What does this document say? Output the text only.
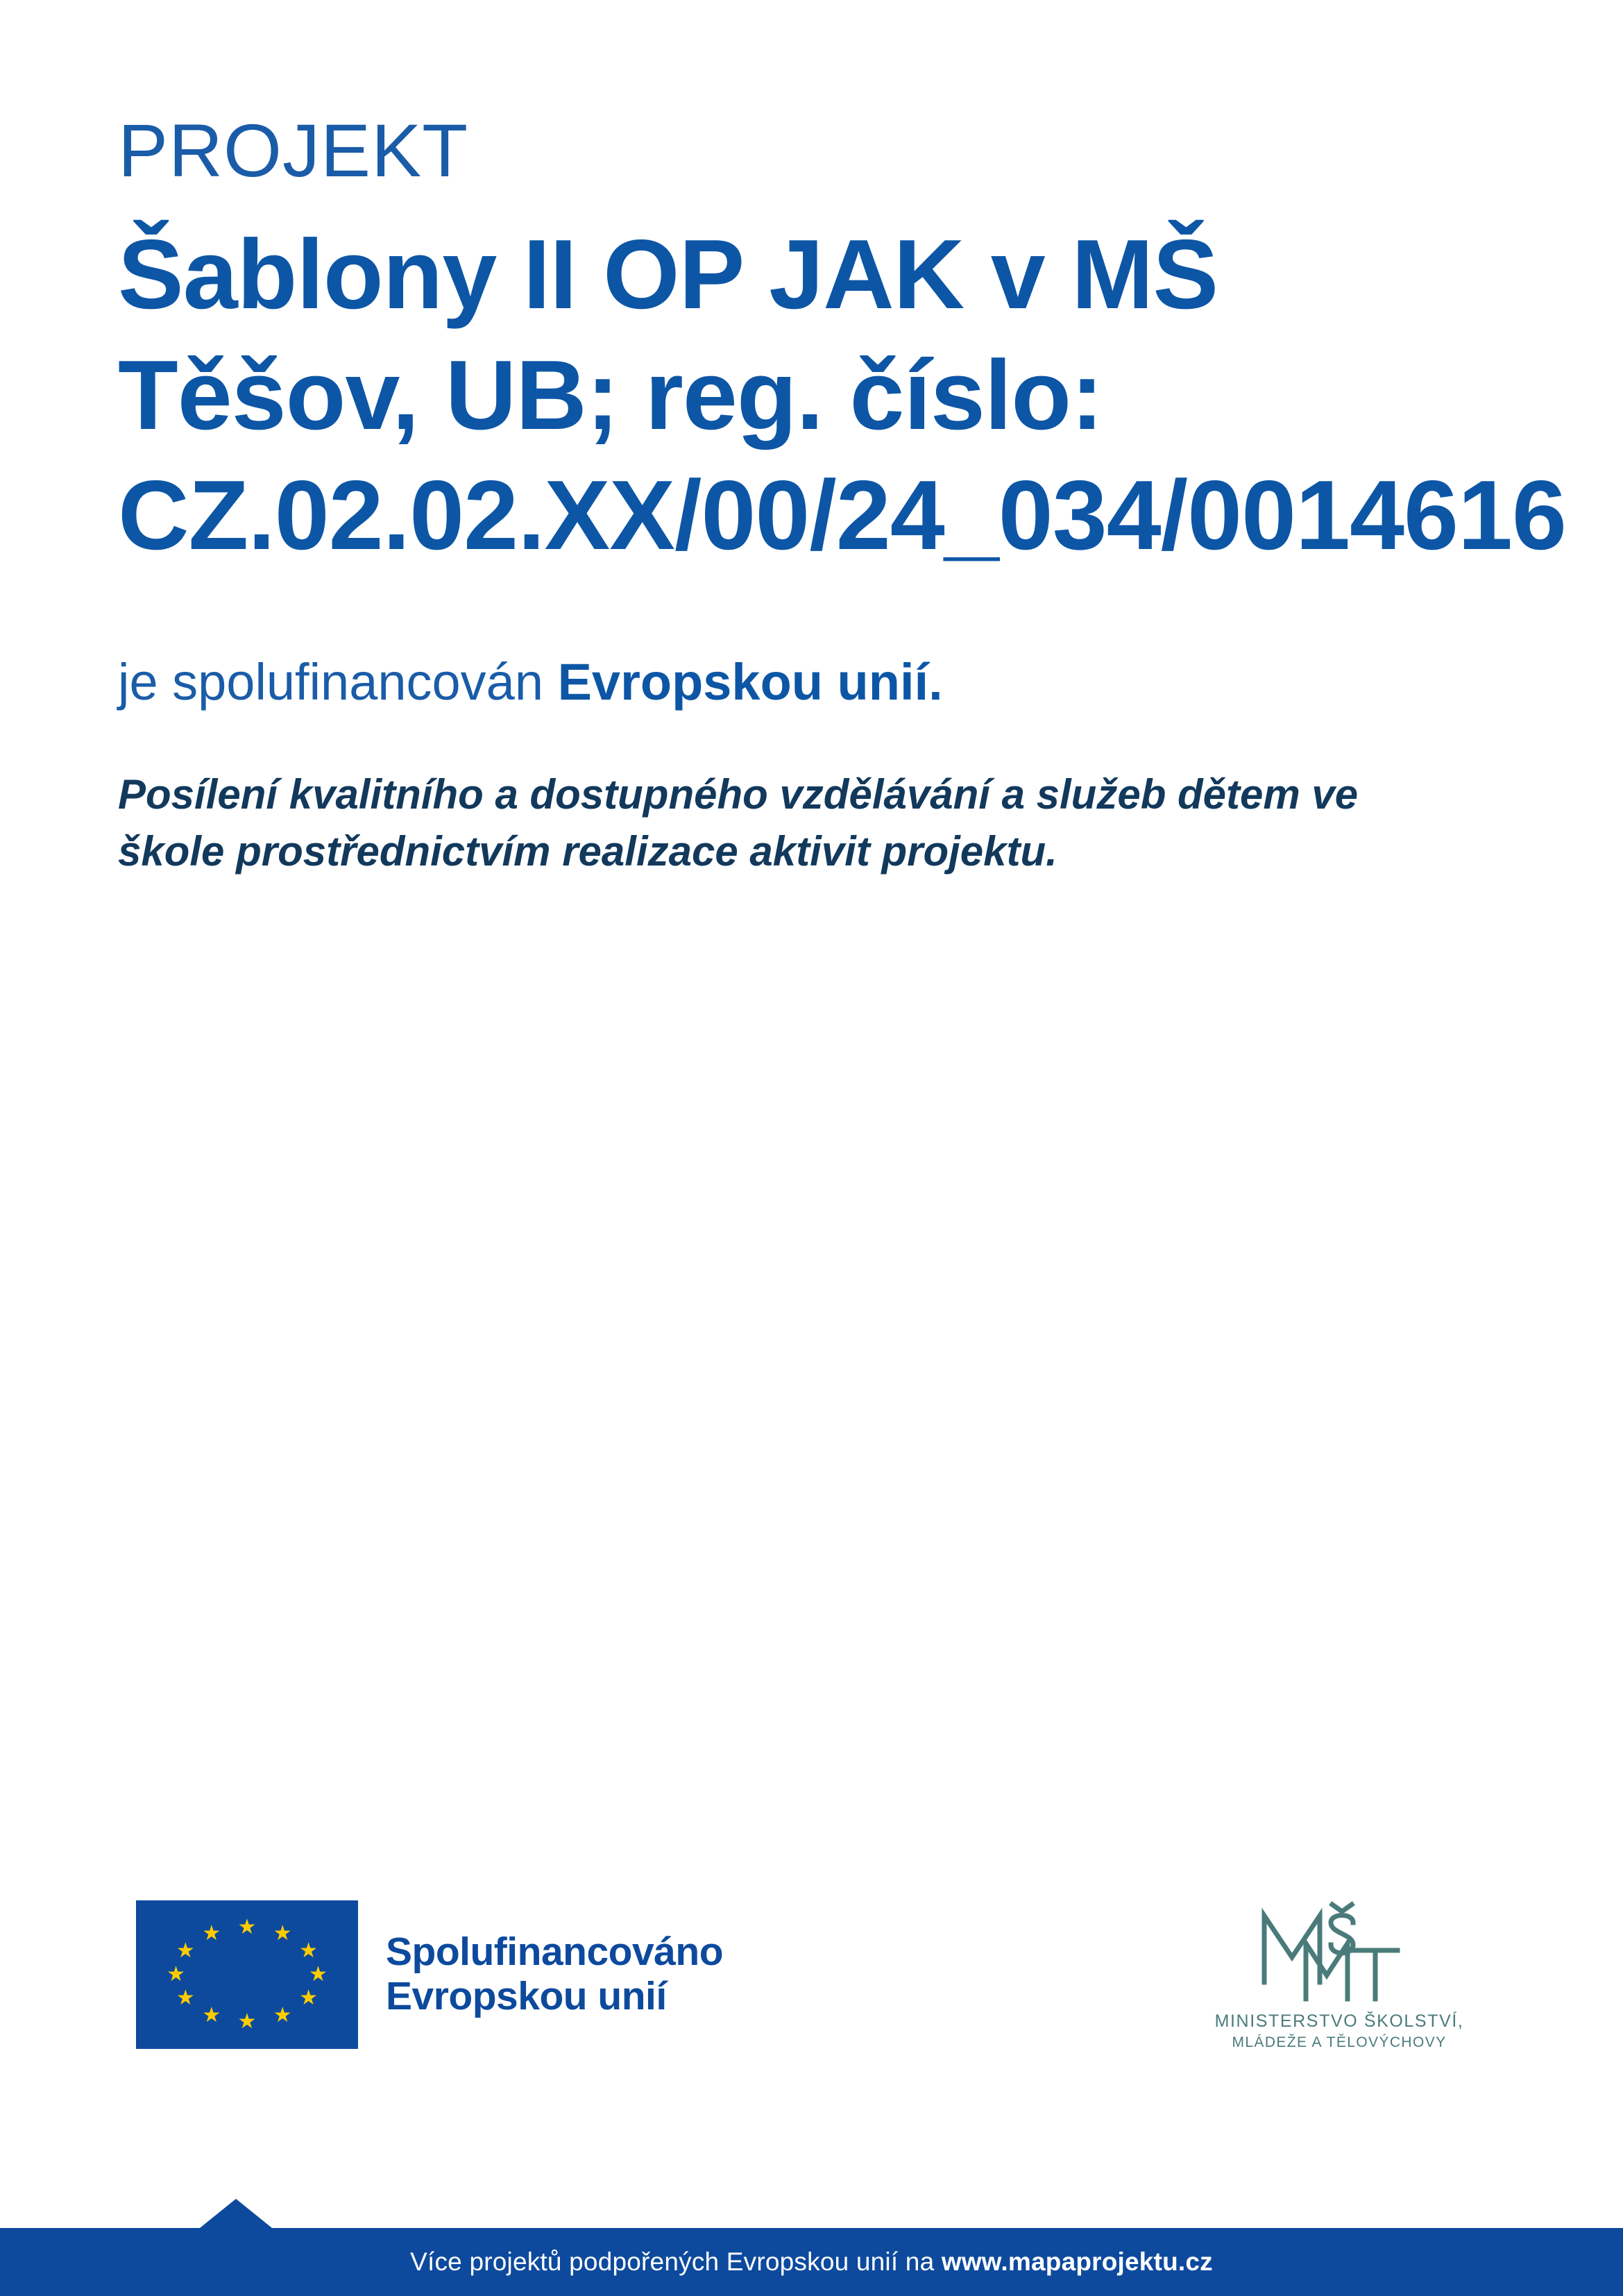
PROJEKT

Šablony II OP JAK v MŠ Těšov, UB; reg. číslo: CZ.02.02.XX/00/24_034/0014616

je spolufinancován Evropskou unií.

Posílení kvalitního a dostupného vzdělávání a služeb dětem ve škole prostřednictvím realizace aktivit projektu.

★ ★
★
★
★
★
★
★
★
★
★
★	Spolufinancováno
Evropskou unií
MINISTERSTVO ŠKOLSTVÍ,
MLÁDEŽE A TĚLOVÝCHOVY
Více projektů podpořených Evropskou unií na www.mapaprojektu.cz
